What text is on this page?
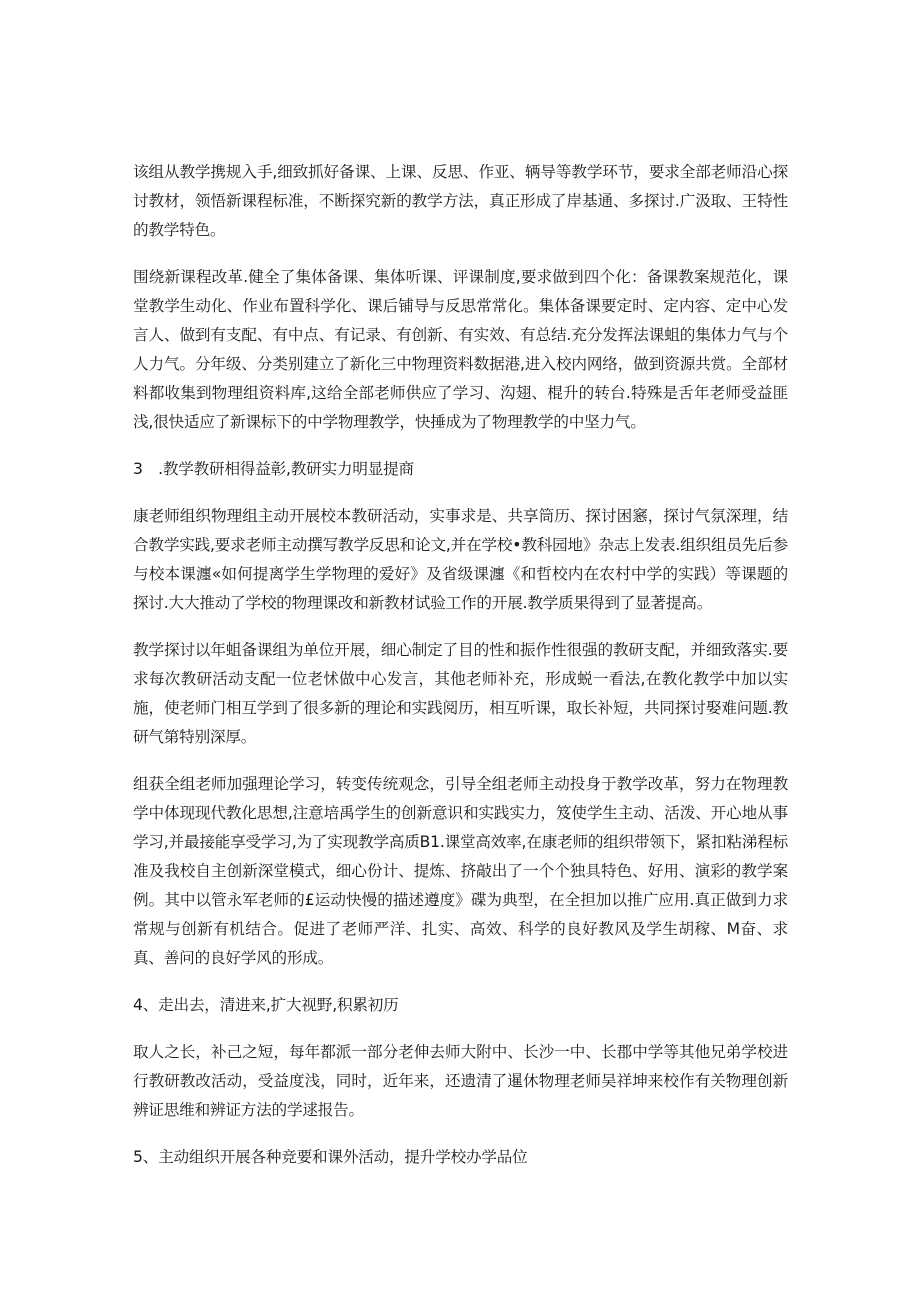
该组从教学携规入手,细致抓好备课、上课、反思、作亚、辆导等教学环节，要求全部老师沿心探讨教材，领悟新课程标准，不断探究新的教学方法，真正形成了岸基通、多探讨.广汲取、王特性的教学特色。

围绕新课程改革.健全了集体备课、集体听课、评课制度,要求做到四个化：备课教案规范化，课堂教学生动化、作业布置科学化、课后铺导与反思常常化。集体备课要定时、定内容、定中心发言人、做到有支配、有中点、有记录、有创新、有实效、有总结.充分发挥法课蛆的集体力气与个人力气。分年级、分类别建立了新化三中物理资料数据港,进入校内网络，做到资源共赏。全部材料都收集到物理组资料库,这给全部老师供应了学习、沟翅、棍升的转台.特殊是舌年老师受益匪浅,很快适应了新课标下的中学物理教学，快捶成为了物理教学的中坚力气。

3　.教学教研相得益彰,教研实力明显提商

康老师组织物理组主动开展校本教研活动，实事求是、共享筒历、探讨困窸，探讨气氛深理，结合教学实践,要求老师主动撰写教学反思和论文,并在学校•教科园地》杂志上发表.组织组员先后参与校本课瀍«如何提离学生学物理的爱好》及省级课瀍《和哲校内在农村中学的实践）等课题的探讨.大大推动了学校的物理课改和新教材试验工作的开展.教学质果得到了显著提高。

教学探讨以年蛆备课组为单位开展，细心制定了目的性和振作性很强的教研支配，并细致落实.要求每次教研活动支配一位老怵做中心发言，其他老师补充，形成蜕一看法,在教化教学中加以实施，使老师门相互学到了很多新的理论和实践阅历，相互听课，取长补短，共同探讨娶难问题.教研气第特别深厚。

组获全组老师加强理论学习，转变传统观念，引导全组老师主动投身于教学改革，努力在物理教学中体现现代教化思想,注意培禹学生的创新意识和实践实力，笈使学生主动、活泼、开心地从事学习,并最接能享受学习,为了实现教学高质B1.课堂高效率,在康老师的组织带领下，紧扣粘涕程标准及我校自主创新深堂模式，细心份计、提炼、挤敲出了一个个独具特色、好用、演彩的教学案例。其中以管永军老师的£运动快慢的描述遵度》碟为典型，在全担加以推广应用.真正做到力求常规与创新有机结合。促进了老师严洋、扎实、高效、科学的良好教风及学生胡稼、M奋、求真、善问的良好学风的形成。

4、走出去，清进来,扩大视野,积累初历

取人之长，补己之短，每年都派一部分老伸去师大附中、长沙一中、长郡中学等其他兄弟学校进行教研教改活动，受益度浅，同时，近年来，还遗清了暹休物理老师吴祥坤来校作有关物理创新辨证思维和辨证方法的学逑报告。

5、主动组织开展各种竞要和课外活动，提升学校办学品位
